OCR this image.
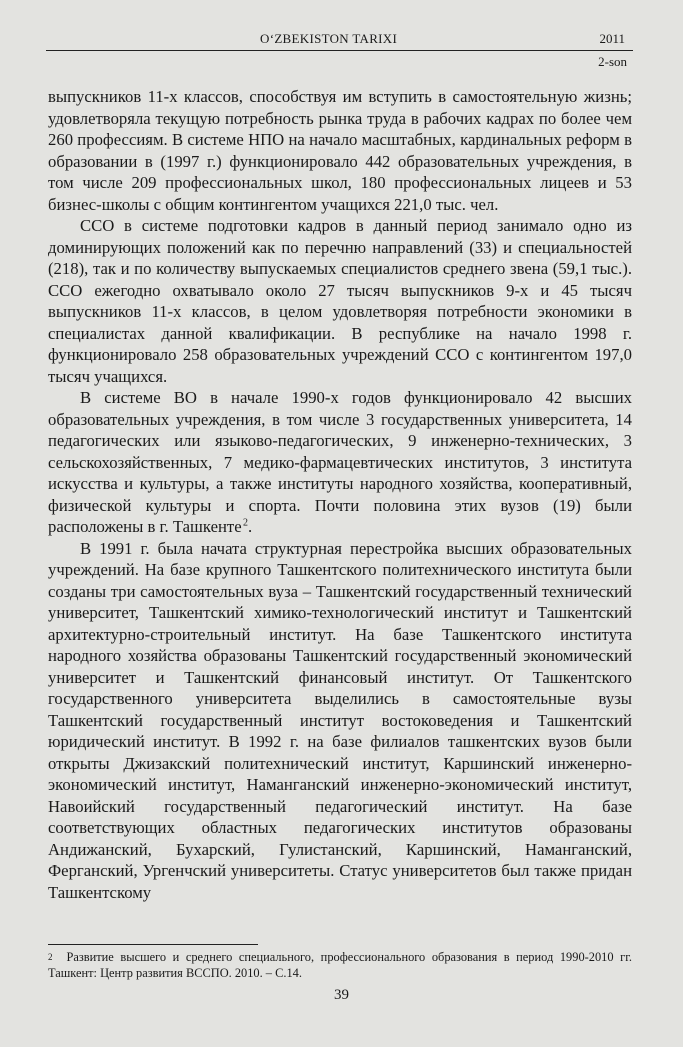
O‘ZBEKISTON TARIXI	2011
2-son

выпускников 11-х классов, способствуя им вступить в самостоятельную жизнь; удовлетворяла текущую потребность рынка труда в рабочих кадрах по более чем 260 профессиям. В системе НПО на начало масштабных, кардинальных реформ в образовании в (1997 г.) функционировало 442 образовательных учреждения, в том числе 209 профессиональных школ, 180 профессиональных лицеев и 53 бизнес-школы с общим контингентом учащихся 221,0 тыс. чел.

ССО в системе подготовки кадров в данный период занимало одно из доминирующих положений как по перечню направлений (33) и специальностей (218), так и по количеству выпускаемых специалистов среднего звена (59,1 тыс.). ССО ежегодно охватывало около 27 тысяч выпускников 9-х и 45 тысяч выпускников 11-х классов, в целом удовлетворяя потребности экономики в специалистах данной квалификации. В республике на начало 1998 г. функционировало 258 образовательных учреждений ССО с контингентом 197,0 тысяч учащихся.

В системе ВО в начале 1990-х годов функционировало 42 высших образовательных учреждения, в том числе 3 государственных университета, 14 педагогических или языково-педагогических, 9 инженерно-технических, 3 сельскохозяйственных, 7 медико-фармацевтических институтов, 3 института искусства и культуры, а также институты народного хозяйства, кооперативный, физической культуры и спорта. Почти половина этих вузов (19) были расположены в г. Ташкенте $^2$.

В 1991 г. была начата структурная перестройка высших образовательных учреждений. На базе крупного Ташкентского политехнического института были созданы три самостоятельных вуза – Ташкентский государственный технический университет, Ташкентский химико-технологический институт и Ташкентский архитектурно-строительный институт. На базе Ташкентского института народного хозяйства образованы Ташкентский государственный экономический университет и Ташкентский финансовый институт. От Ташкентского государственного университета выделились в самостоятельные вузы Ташкентский государственный институт востоковедения и Ташкентский юридический институт. В 1992 г. на базе филиалов ташкентских вузов были открыты Джизакский политехнический институт, Каршинский инженерно-экономический институт, Наманганский инженерно-экономический институт, Навоийский государственный педагогический институт. На базе соответствующих областных педагогических институтов образованы Андижанский, Бухарский, Гулистанский, Каршинский, Наманганский, Ферганский, Ургенчский университеты. Статус университетов был также придан Ташкентскому

$^2$ Развитие высшего и среднего специального, профессионального образования в период 1990-2010 гг. Ташкент: Центр развития ВССПО. 2010. – С.14.
39
